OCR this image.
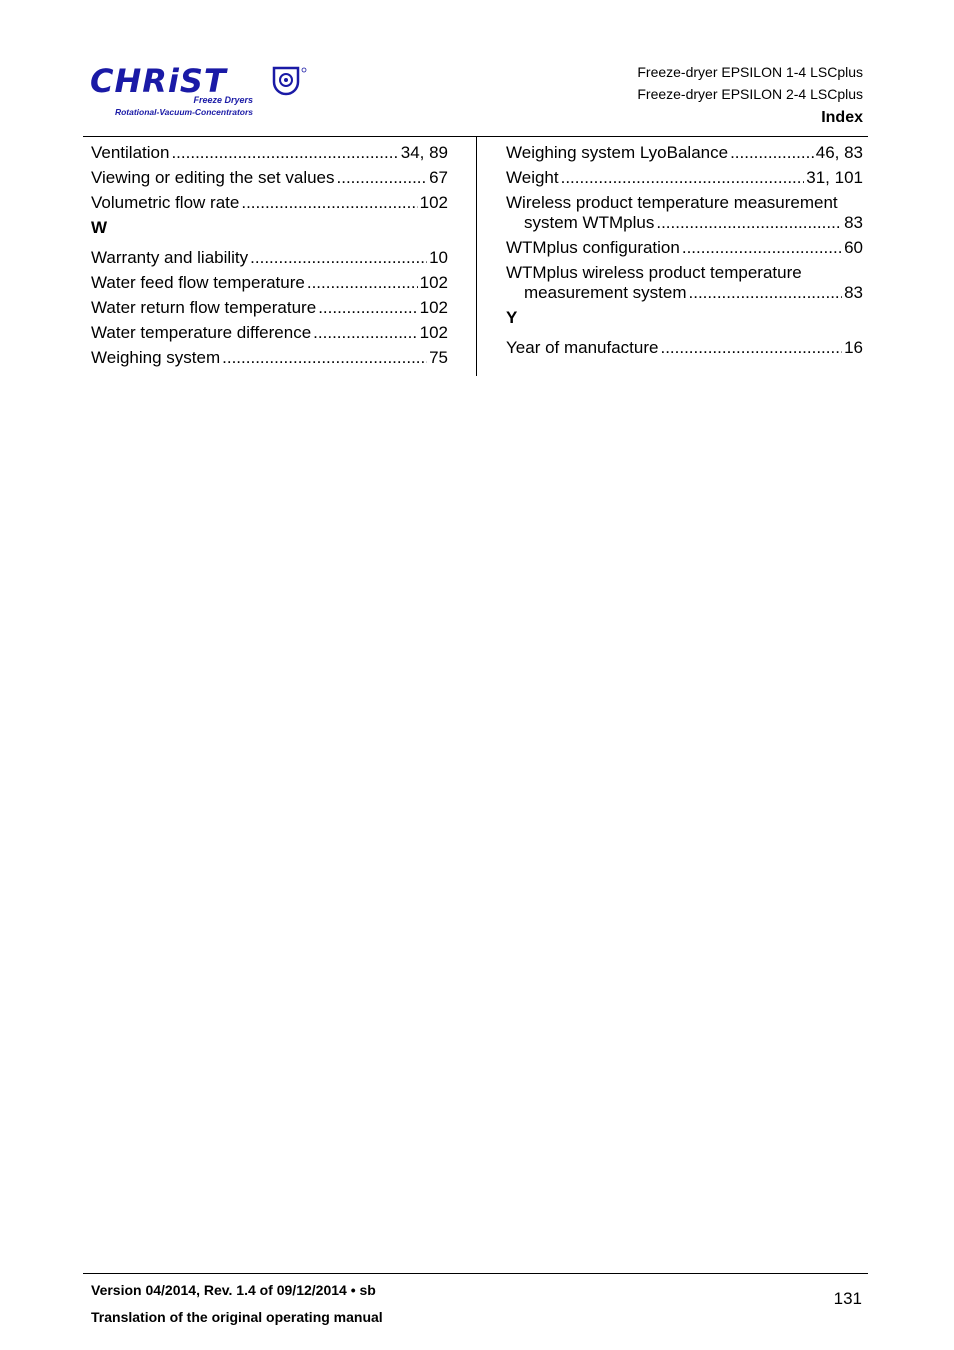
CHRiST
Freeze Dryers
Rotational-Vacuum-Concentrators
Freeze-dryer EPSILON 1-4 LSCplus
Freeze-dryer EPSILON 2-4 LSCplus
Index
Ventilation .....	34, 89
Viewing or editing the set values .....	67
Volumetric flow rate .....	102
W
Warranty and liability .....	10
Water feed flow temperature .....	102
Water return flow temperature .....	102
Water temperature difference .....	102
Weighing system .....	75
Weighing system LyoBalance .....	46, 83
Weight .....	31, 101
Wireless product temperature measurement
system WTMplus .....	83
WTMplus configuration .....	60
WTMplus wireless product temperature
measurement system .....	83
Y
Year of manufacture .....	16
Version 04/2014, Rev. 1.4 of 09/12/2014 • sb
Translation of the original operating manual
131
